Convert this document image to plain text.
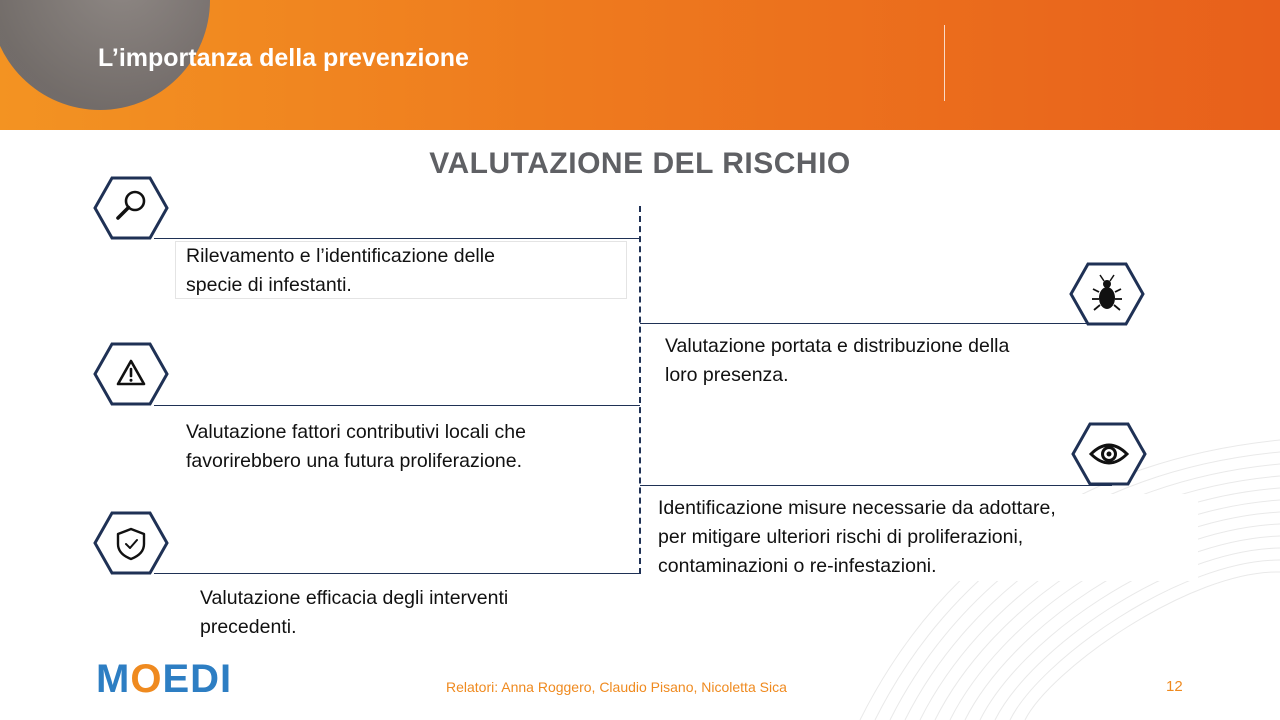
L’importanza della prevenzione
VALUTAZIONE DEL RISCHIO
Rilevamento e l’identificazione delle
specie di infestanti.
Valutazione portata e distribuzione della
loro presenza.
Valutazione fattori contributivi locali che
favorirebbero una futura proliferazione.
Identificazione misure necessarie da adottare,
per mitigare ulteriori rischi di proliferazioni,
contaminazioni o re-infestazioni.
Valutazione efficacia degli interventi
precedenti.
MOEDI	Relatori: Anna Roggero, Claudio Pisano, Nicoletta Sica	12
